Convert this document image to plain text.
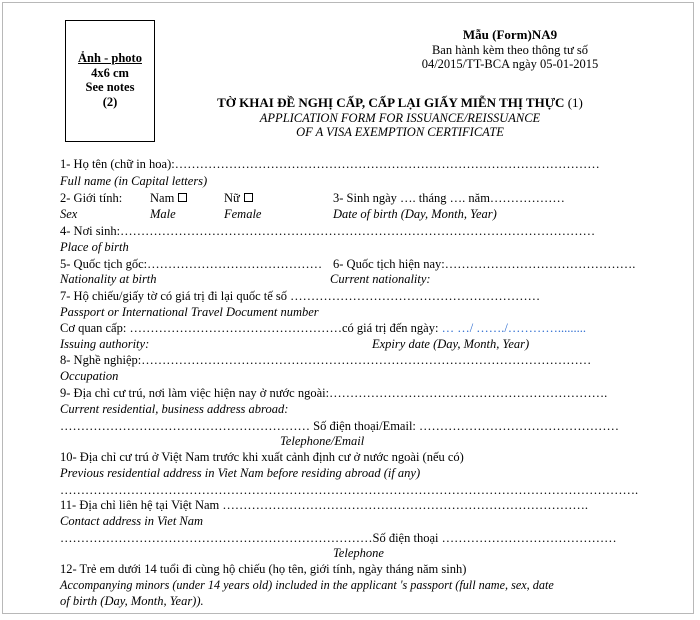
Ảnh - photo
4x6 cm
See notes
(2)
Mẫu (Form)NA9
Ban hành kèm theo thông tư số
04/2015/TT-BCA ngày 05-01-2015
TỜ KHAI ĐỀ NGHỊ CẤP, CẤP LẠI GIẤY MIỄN THỊ THỰC (1)
APPLICATION FORM FOR ISSUANCE/REISSUANCE
OF A VISA EXEMPTION CERTIFICATE
1- Họ tên (chữ in hoa):…………………………………………………………………………………………
Full name (in Capital letters)
2- Giới tính: Nam	Nữ	3- Sinh ngày …. tháng …. năm………………
Sex	Male	Female	Date of birth (Day, Month, Year)
4- Nơi sinh:……………………………………………………………………………………………………
Place of birth
5- Quốc tịch gốc:…………………………………… 6- Quốc tịch hiện nay:……………………………………….
Nationality at birth	Current nationality:
7- Hộ chiếu/giấy tờ có giá trị đi lại quốc tế số ……………………………………………………
Passport or International Travel Document number
Cơ quan cấp: ……………………………………………có giá trị đến ngày: … …/ ……./………….........
Issuing authority:	Expiry date (Day, Month, Year)
8- Nghề nghiệp:………………………………………………………………………………………………
Occupation
9- Địa chỉ cư trú, nơi làm việc hiện nay ở nước ngoài:………………………………………………………….
Current residential, business address abroad:
…………………………………………………… Số điện thoại/Email: …………………………………………
Telephone/Email
10- Địa chỉ cư trú ở Việt Nam trước khi xuất cảnh định cư ở nước ngoài (nếu có)
Previous residential address in Viet Nam before residing abroad (if any)
………………………………………………………………………………………………………………………….
11- Địa chỉ liên hệ tại Việt Nam …………………………………………………………………………….
Contact address in Viet Nam
…………………………………………………………………Số điện thoại ……………………………………
Telephone
12- Trẻ em dưới 14 tuổi đi cùng hộ chiếu (họ tên, giới tính, ngày tháng năm sinh)
Accompanying minors (under 14 years old) included in the applicant 's passport (full name, sex, date
of birth (Day, Month, Year)).
